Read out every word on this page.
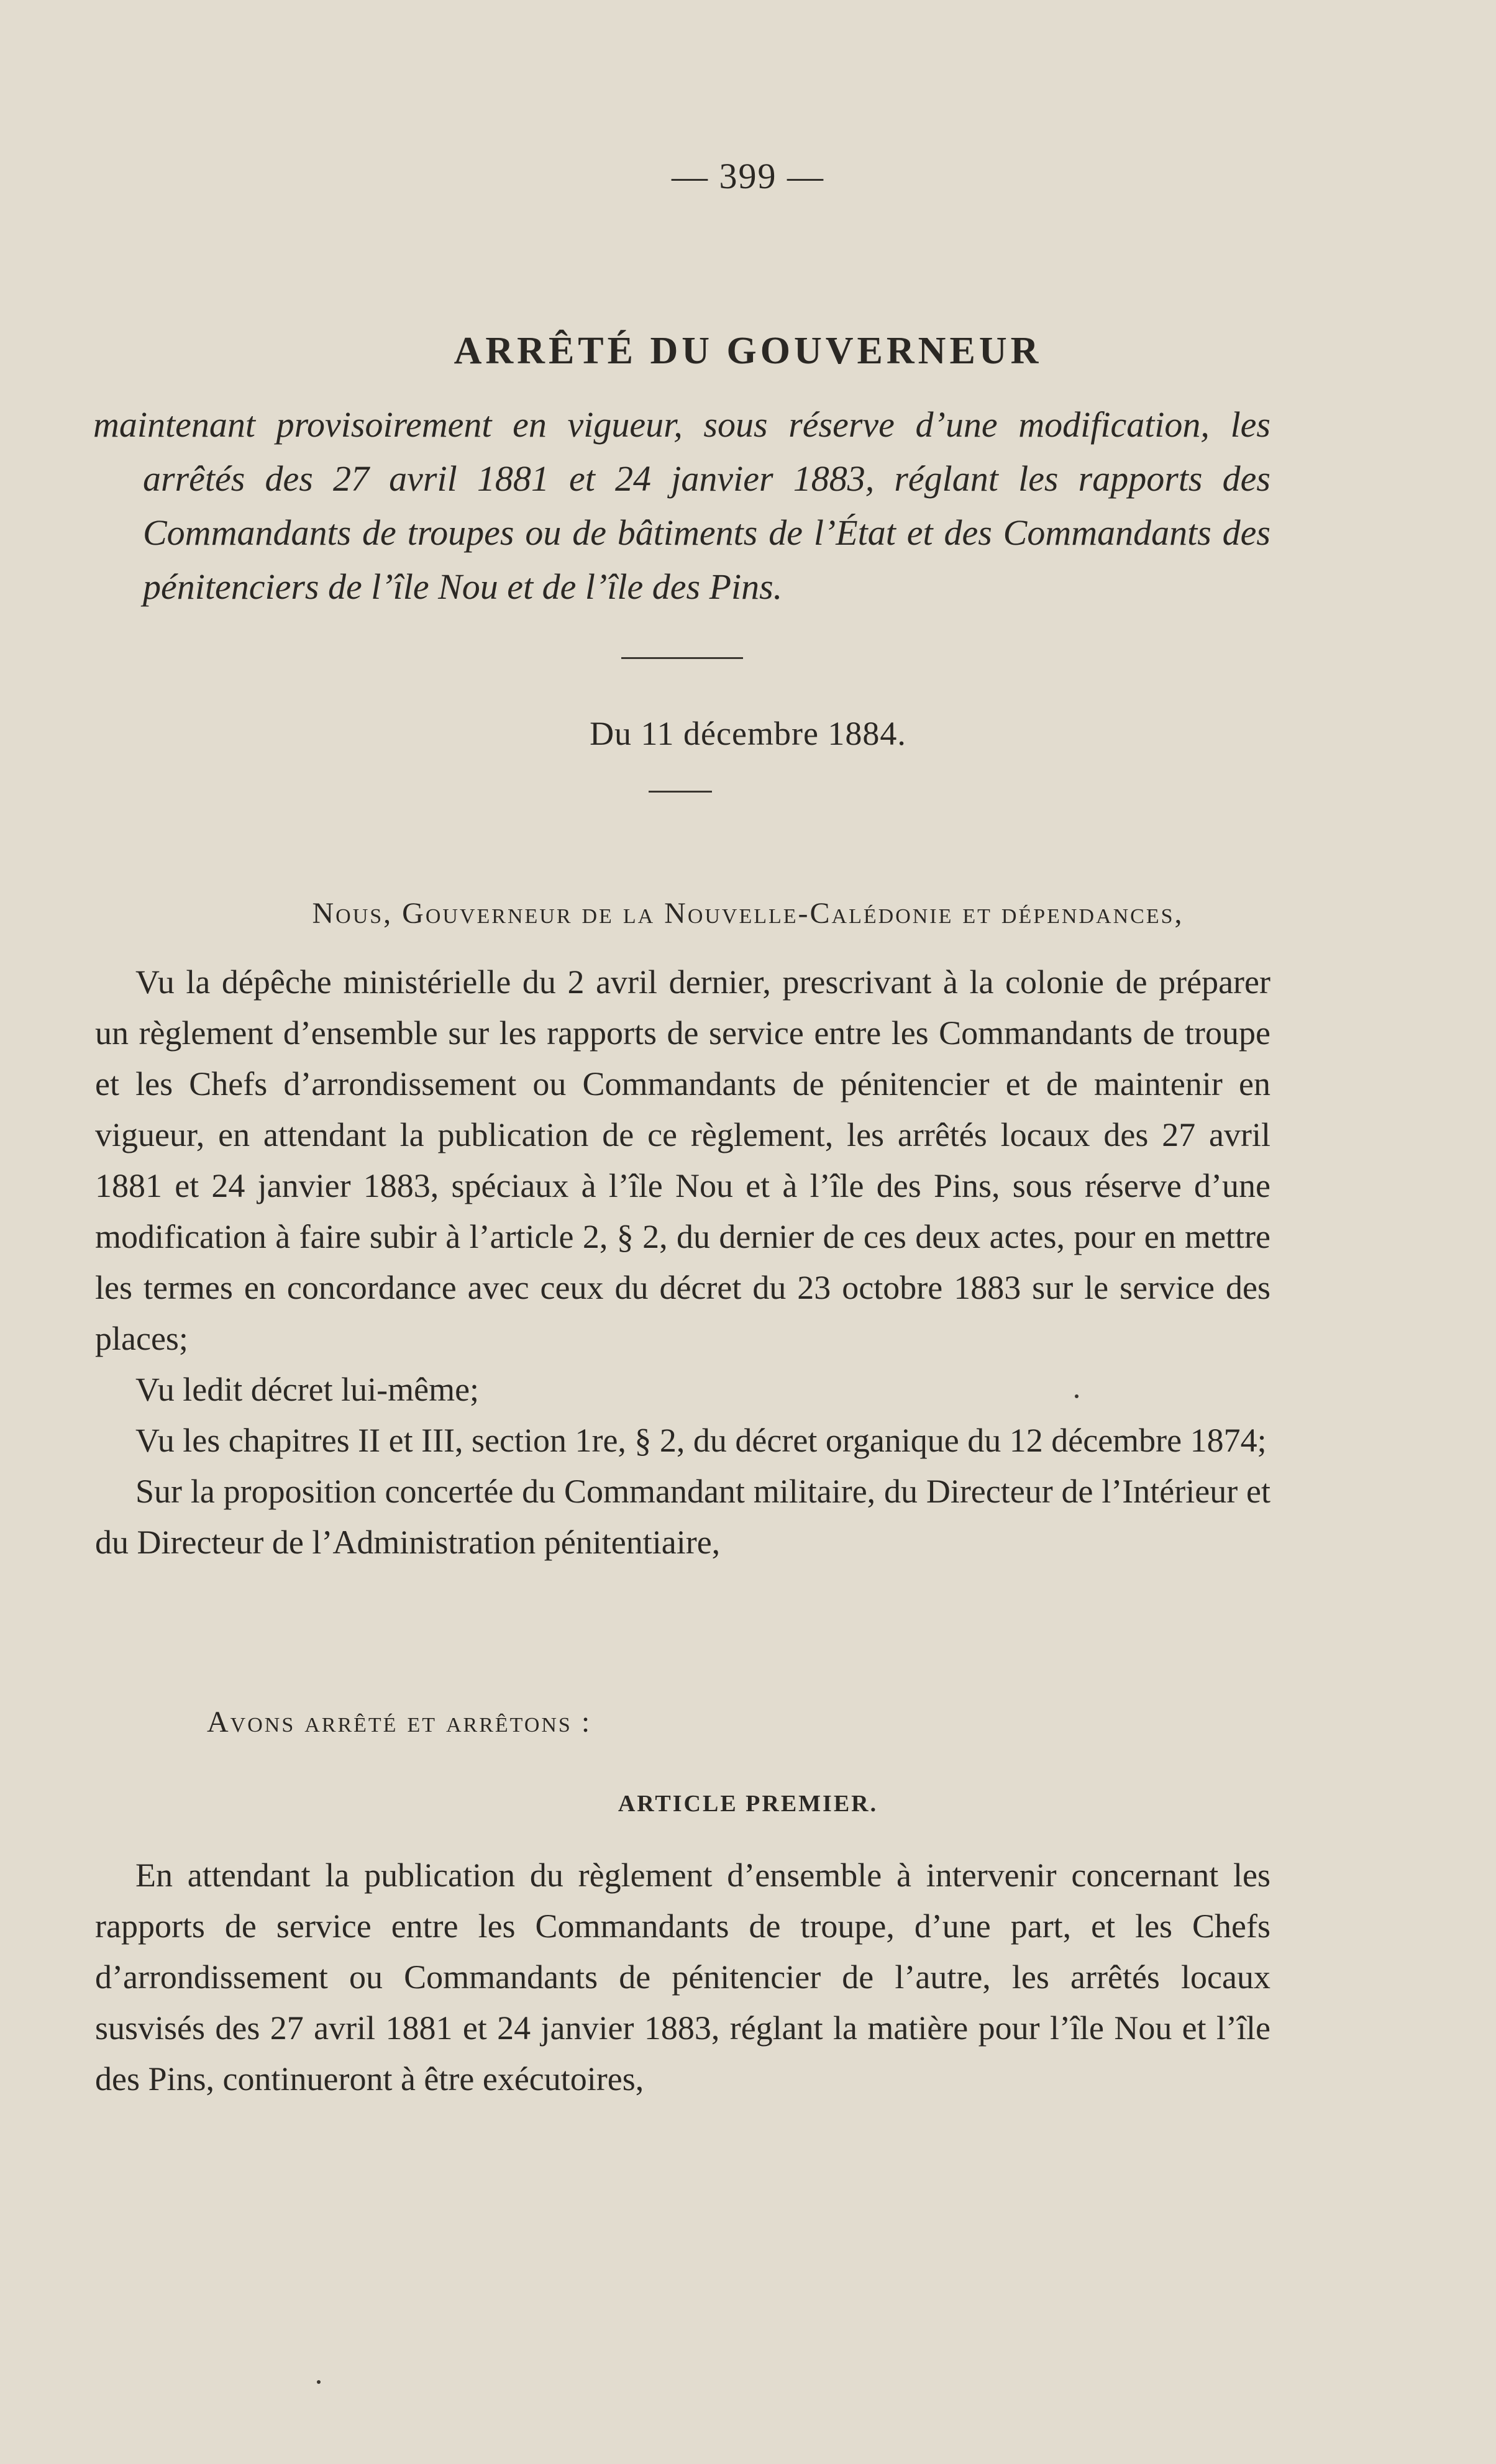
— 399 —
ARRÊTÉ DU GOUVERNEUR
maintenant provisoirement en vigueur, sous réserve d’une modification, les arrêtés des 27 avril 1881 et 24 janvier 1883, réglant les rapports des Commandants de troupes ou de bâtiments de l’État et des Commandants des pénitenciers de l’île Nou et de l’île des Pins.
Du 11 décembre 1884.
Nous, Gouverneur de la Nouvelle-Calédonie et dépendances,

Vu la dépêche ministérielle du 2 avril dernier, prescrivant à la colonie de préparer un règlement d’ensemble sur les rapports de service entre les Commandants de troupe et les Chefs d’arrondissement ou Commandants de pénitencier et de maintenir en vigueur, en attendant la publication de ce règlement, les arrêtés locaux des 27 avril 1881 et 24 janvier 1883, spéciaux à l’île Nou et à l’île des Pins, sous réserve d’une modification à faire subir à l’article 2, § 2, du dernier de ces deux actes, pour en mettre les termes en concordance avec ceux du décret du 23 octobre 1883 sur le service des places;

Vu ledit décret lui-même;

Vu les chapitres II et III, section 1re, § 2, du décret organique du 12 décembre 1874;

Sur la proposition concertée du Commandant militaire, du Directeur de l’Intérieur et du Directeur de l’Administration pénitentiaire,

Avons arrêté et arrêtons :
ARTICLE PREMIER.

En attendant la publication du règlement d’ensemble à intervenir concernant les rapports de service entre les Commandants de troupe, d’une part, et les Chefs d’arrondissement ou Commandants de pénitencier de l’autre, les arrêtés locaux susvisés des 27 avril 1881 et 24 janvier 1883, réglant la matière pour l’île Nou et l’île des Pins, continueront à être exécutoires,
